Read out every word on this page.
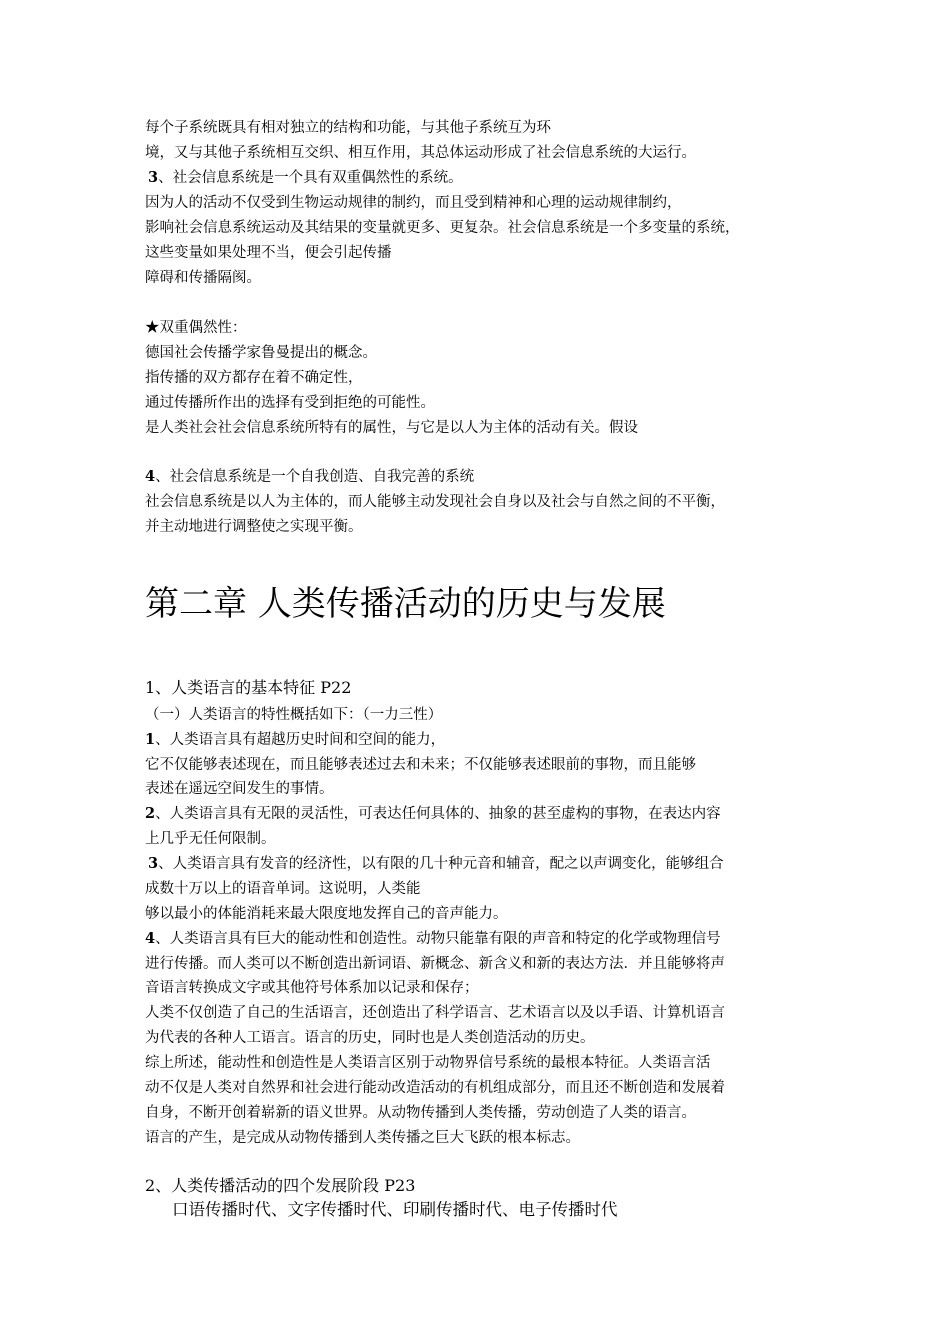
每个子系统既具有相对独立的结构和功能，与其他子系统互为环
境，又与其他子系统相互交织、相互作用，其总体运动形成了社会信息系统的大运行。
3、社会信息系统是一个具有双重偶然性的系统。
因为人的活动不仅受到生物运动规律的制约，而且受到精神和心理的运动规律制约，
影响社会信息系统运动及其结果的变量就更多、更复杂。社会信息系统是一个多变量的系统，
这些变量如果处理不当，便会引起传播
障碍和传播隔阂。
★双重偶然性：
德国社会传播学家鲁曼提出的概念。
指传播的双方都存在着不确定性，
通过传播所作出的选择有受到拒绝的可能性。
是人类社会社会信息系统所特有的属性，与它是以人为主体的活动有关。假设
4、社会信息系统是一个自我创造、自我完善的系统
社会信息系统是以人为主体的，而人能够主动发现社会自身以及社会与自然之间的不平衡，
并主动地进行调整使之实现平衡。
第二章 人类传播活动的历史与发展
1、人类语言的基本特征 P22
（一）人类语言的特性概括如下：（一力三性）
1、人类语言具有超越历史时间和空间的能力，
它不仅能够表述现在，而且能够表述过去和未来；不仅能够表述眼前的事物，而且能够
表述在遥远空间发生的事情。
2、人类语言具有无限的灵活性，可表达任何具体的、抽象的甚至虚构的事物，在表达内容
上几乎无任何限制。
3、人类语言具有发音的经济性，以有限的几十种元音和辅音，配之以声调变化，能够组合
成数十万以上的语音单词。这说明，人类能
够以最小的体能消耗来最大限度地发挥自己的音声能力。
4、人类语言具有巨大的能动性和创造性。动物只能靠有限的声音和特定的化学或物理信号
进行传播。而人类可以不断创造出新词语、新概念、新含义和新的表达方法．并且能够将声
音语言转换成文字或其他符号体系加以记录和保存；
人类不仅创造了自己的生活语言，还创造出了科学语言、艺术语言以及以手语、计算机语言
为代表的各种人工语言。语言的历史，同时也是人类创造活动的历史。
综上所述，能动性和创造性是人类语言区别于动物界信号系统的最根本特征。人类语言活
动不仅是人类对自然界和社会进行能动改造活动的有机组成部分，而且还不断创造和发展着
自身，不断开创着崭新的语义世界。从动物传播到人类传播，劳动创造了人类的语言。
语言的产生，是完成从动物传播到人类传播之巨大飞跃的根本标志。
2、人类传播活动的四个发展阶段 P23
口语传播时代、文字传播时代、印刷传播时代、电子传播时代
